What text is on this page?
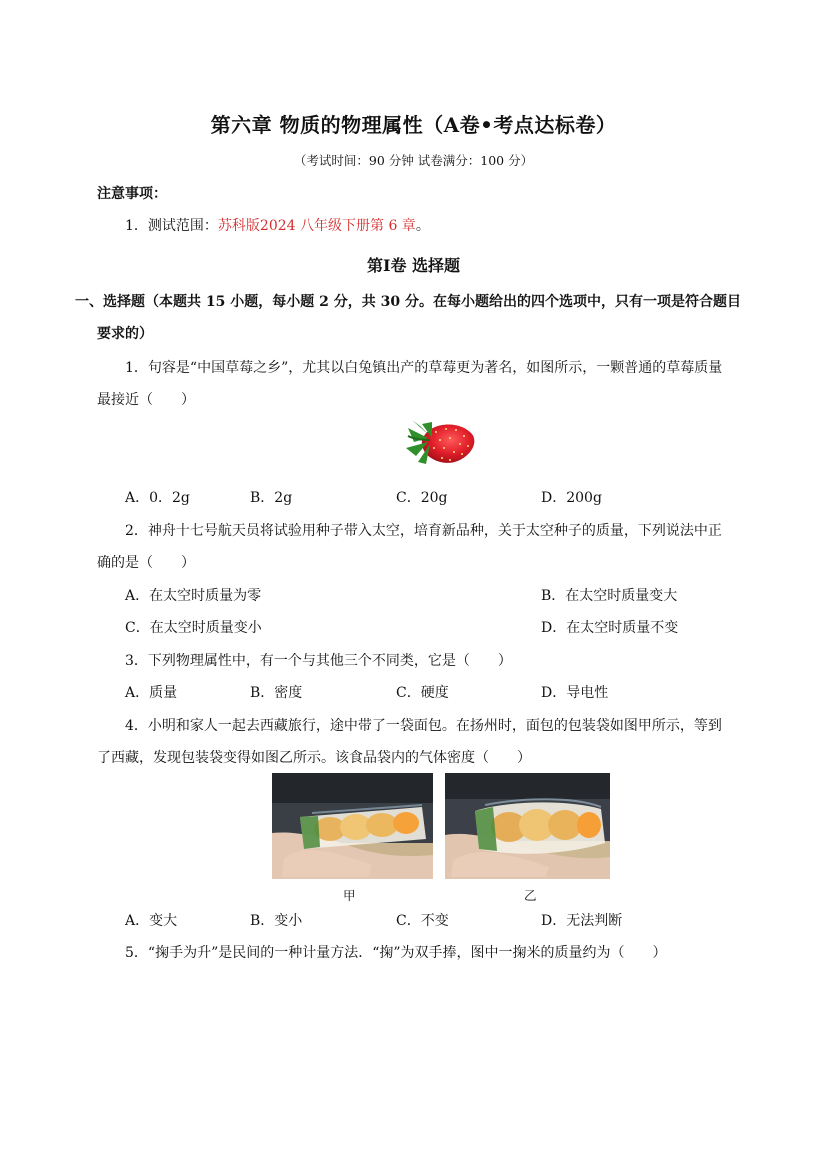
第六章 物质的物理属性（A卷•考点达标卷）
（考试时间：90 分钟 试卷满分：100 分）
注意事项：
1．测试范围：苏科版2024 八年级下册第 6 章。
第Ⅰ卷 选择题
一、选择题（本题共 15 小题，每小题 2 分，共 30 分。在每小题给出的四个选项中，只有一项是符合题目
要求的）
1．句容是“中国草莓之乡”，尤其以白兔镇出产的草莓更为著名，如图所示，一颗普通的草莓质量
最接近（　　）
A．0．2g	B．2g	C．20g	D．200g
2．神舟十七号航天员将试验用种子带入太空，培育新品种，关于太空种子的质量，下列说法中正
确的是（　　）
A．在太空时质量为零	B．在太空时质量变大
C．在太空时质量变小	D．在太空时质量不变
3．下列物理属性中，有一个与其他三个不同类，它是（　　）
A．质量	B．密度	C．硬度	D．导电性
4．小明和家人一起去西藏旅行，途中带了一袋面包。在扬州时，面包的包装袋如图甲所示，等到
了西藏，发现包装袋变得如图乙所示。该食品袋内的气体密度（　　）
甲	乙
A．变大	B．变小	C．不变	D．无法判断
5．“掬手为升”是民间的一种计量方法．“掬”为双手捧，图中一掬米的质量约为（　　）
